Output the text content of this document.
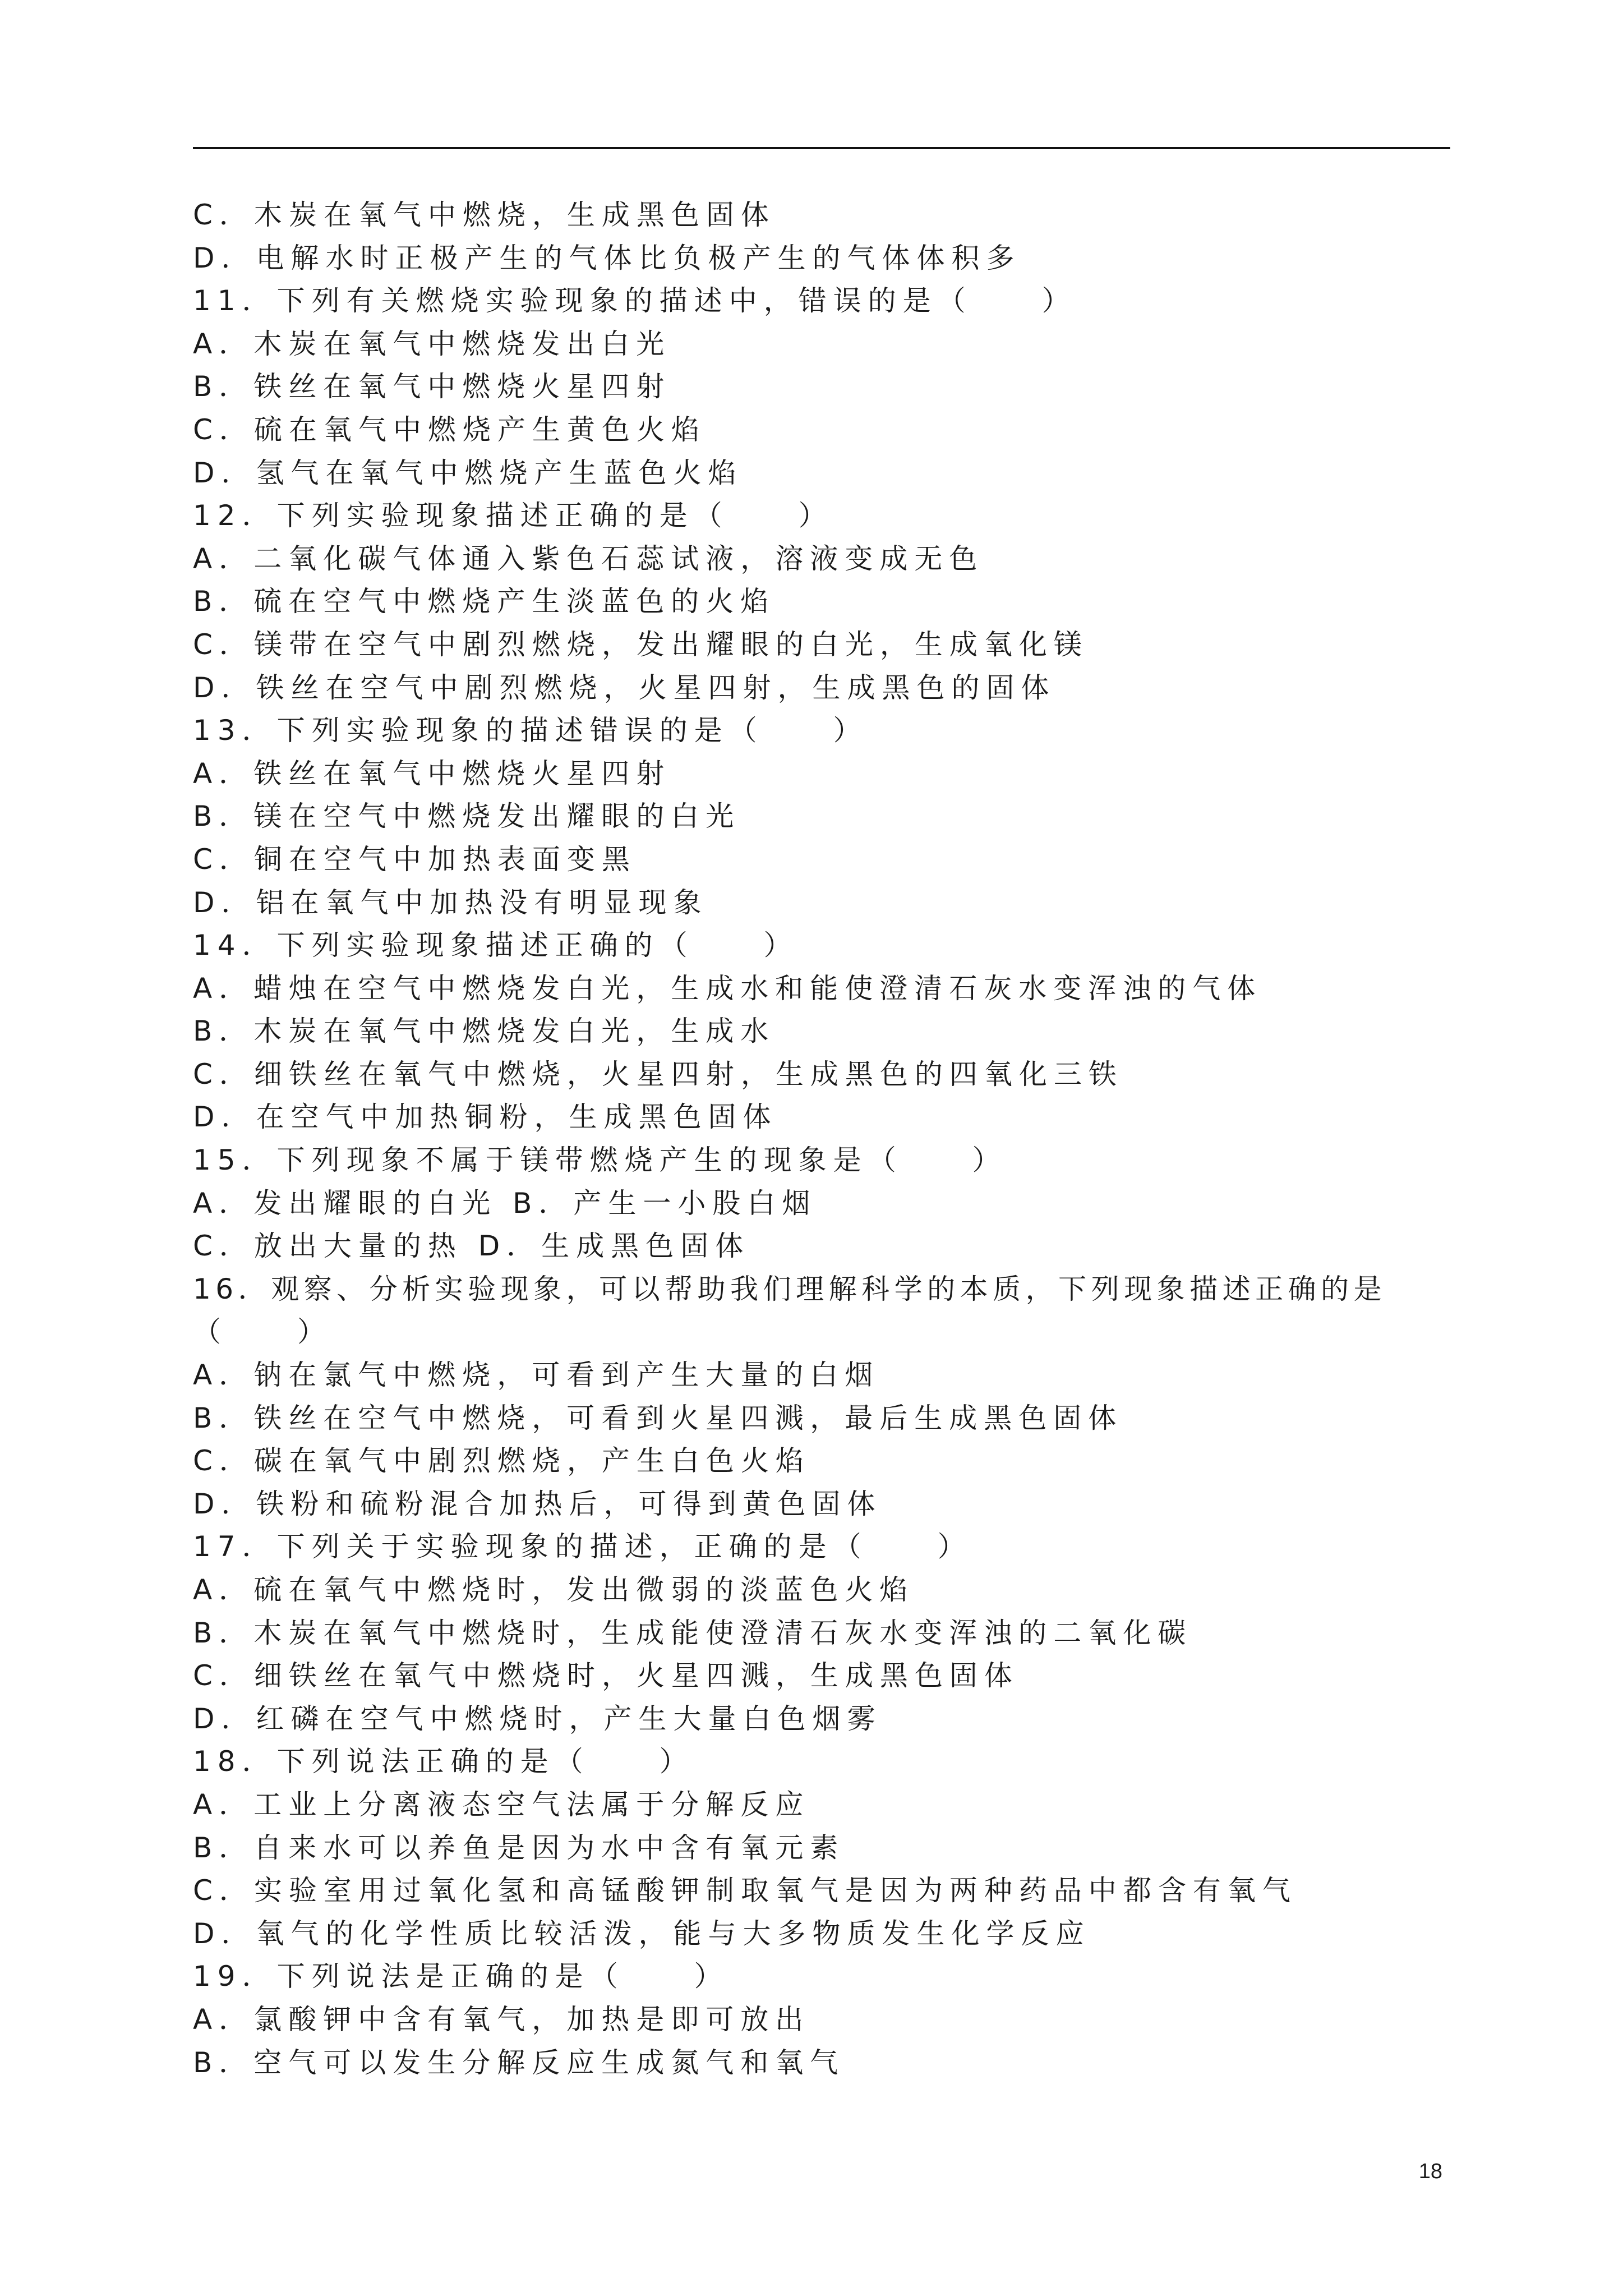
C．木炭在氧气中燃烧，生成黑色固体
D．电解水时正极产生的气体比负极产生的气体体积多
11．下列有关燃烧实验现象的描述中，错误的是（　　）
A．木炭在氧气中燃烧发出白光
B．铁丝在氧气中燃烧火星四射
C．硫在氧气中燃烧产生黄色火焰
D．氢气在氧气中燃烧产生蓝色火焰
12．下列实验现象描述正确的是（　　）
A．二氧化碳气体通入紫色石蕊试液，溶液变成无色
B．硫在空气中燃烧产生淡蓝色的火焰
C．镁带在空气中剧烈燃烧，发出耀眼的白光，生成氧化镁
D．铁丝在空气中剧烈燃烧，火星四射，生成黑色的固体
13．下列实验现象的描述错误的是（　　）
A．铁丝在氧气中燃烧火星四射
B．镁在空气中燃烧发出耀眼的白光
C．铜在空气中加热表面变黑
D．铝在氧气中加热没有明显现象
14．下列实验现象描述正确的（　　）
A．蜡烛在空气中燃烧发白光，生成水和能使澄清石灰水变浑浊的气体
B．木炭在氧气中燃烧发白光，生成水
C．细铁丝在氧气中燃烧，火星四射，生成黑色的四氧化三铁
D．在空气中加热铜粉，生成黑色固体
15．下列现象不属于镁带燃烧产生的现象是（　　）
A．发出耀眼的白光 B．产生一小股白烟
C．放出大量的热 D．生成黑色固体
16．观察、分析实验现象，可以帮助我们理解科学的本质，下列现象描述正确的是
（　　）
A．钠在氯气中燃烧，可看到产生大量的白烟
B．铁丝在空气中燃烧，可看到火星四溅，最后生成黑色固体
C．碳在氧气中剧烈燃烧，产生白色火焰
D．铁粉和硫粉混合加热后，可得到黄色固体
17．下列关于实验现象的描述，正确的是（　　）
A．硫在氧气中燃烧时，发出微弱的淡蓝色火焰
B．木炭在氧气中燃烧时，生成能使澄清石灰水变浑浊的二氧化碳
C．细铁丝在氧气中燃烧时，火星四溅，生成黑色固体
D．红磷在空气中燃烧时，产生大量白色烟雾
18．下列说法正确的是（　　）
A．工业上分离液态空气法属于分解反应
B．自来水可以养鱼是因为水中含有氧元素
C．实验室用过氧化氢和高锰酸钾制取氧气是因为两种药品中都含有氧气
D．氧气的化学性质比较活泼，能与大多物质发生化学反应
19．下列说法是正确的是（　　）
A．氯酸钾中含有氧气，加热是即可放出
B．空气可以发生分解反应生成氮气和氧气
18
